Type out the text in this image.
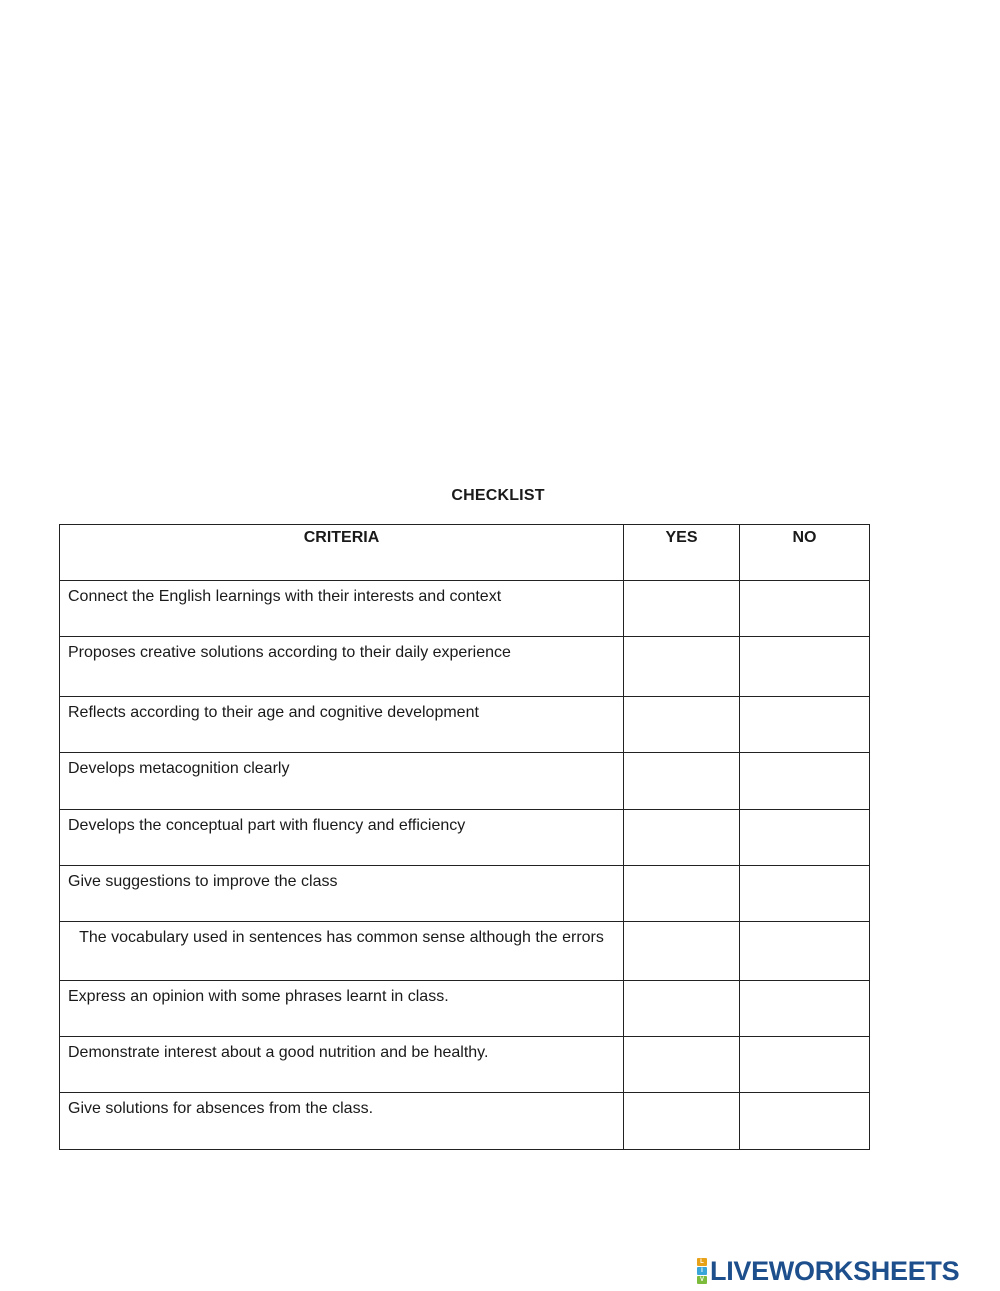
CHECKLIST
CRITERIA	YES	NO
Connect the English learnings with their interests and context		
Proposes creative solutions according to their daily experience		
Reflects according to their age and cognitive development		
Develops metacognition clearly		
Develops the conceptual part with fluency and efficiency		
Give suggestions to improve the class		
The vocabulary used in sentences has common sense although the errors		
Express an opinion with some phrases learnt in class.		
Demonstrate interest about a good nutrition and be healthy.		
Give solutions for absences from the class.		
L
I
V LIVEWORKSHEETS
